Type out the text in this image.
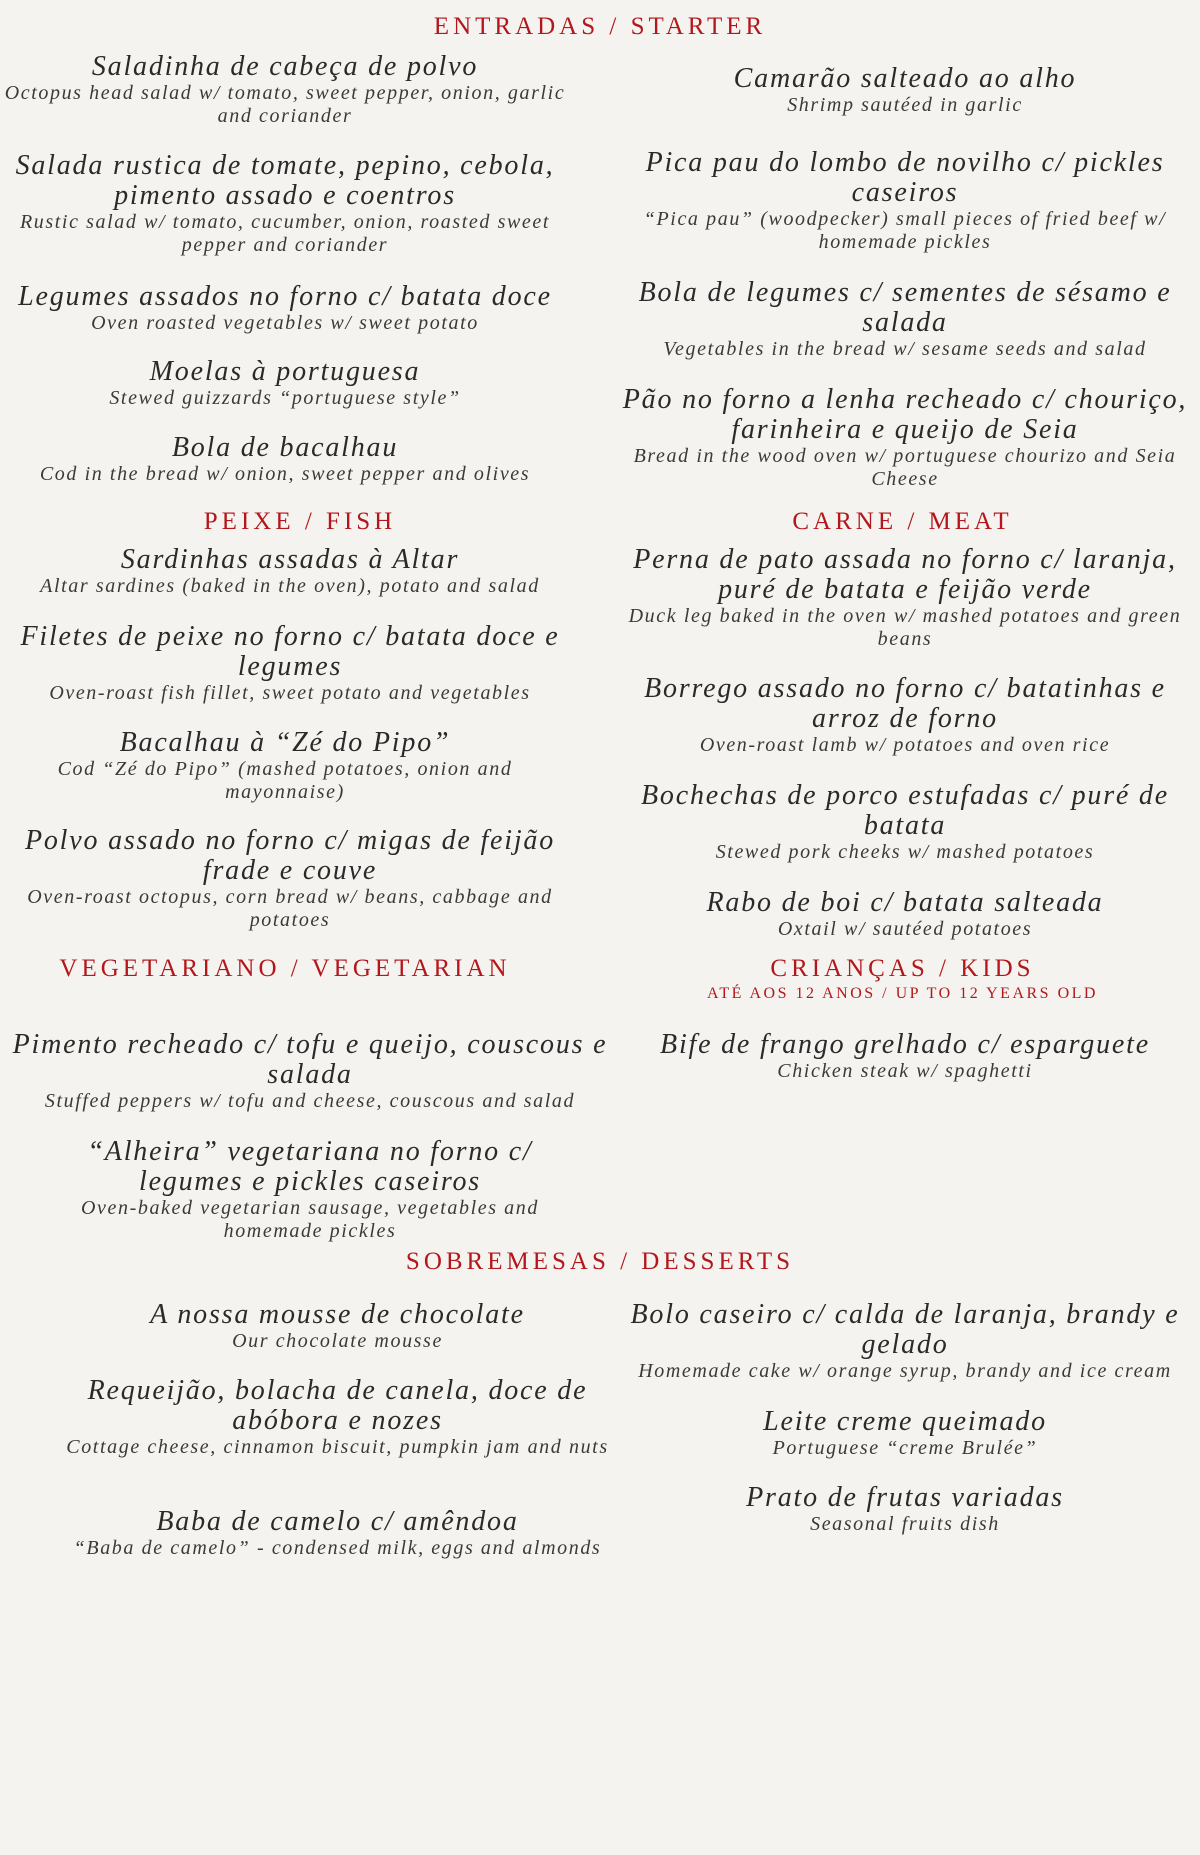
ENTRADAS / STARTER
PEIXE / FISH	CARNE / MEAT
VEGETARIANO / VEGETARIAN	CRIANÇAS / KIDS
ATÉ AOS 12 ANOS / UP TO 12 YEARS OLD
SOBREMESAS / DESSERTS
Saladinha de cabeça de polvo
Octopus head salad w/ tomato, sweet pepper, onion, garlic and coriander
Salada rustica de tomate, pepino, cebola, pimento assado e coentros
Rustic salad w/ tomato, cucumber, onion, roasted sweet pepper and coriander
Legumes assados no forno c/ batata doce
Oven roasted vegetables w/ sweet potato
Moelas à portuguesa
Stewed guizzards “portuguese style”
Bola de bacalhau
Cod in the bread w/ onion, sweet pepper and olives
Camarão salteado ao alho
Shrimp sautéed in garlic
Pica pau do lombo de novilho c/ pickles caseiros
“Pica pau” (woodpecker) small pieces of fried beef w/ homemade pickles
Bola de legumes c/ sementes de sésamo e salada
Vegetables in the bread w/ sesame seeds and salad
Pão no forno a lenha recheado c/ chouriço, farinheira e queijo de Seia
Bread in the wood oven w/ portuguese chourizo and Seia Cheese
Sardinhas assadas à Altar
Altar sardines (baked in the oven), potato and salad
Filetes de peixe no forno c/ batata doce e legumes
Oven-roast fish fillet, sweet potato and vegetables
Bacalhau à “Zé do Pipo”
Cod “Zé do Pipo” (mashed potatoes, onion and mayonnaise)
Polvo assado no forno c/ migas de feijão frade e couve
Oven-roast octopus, corn bread w/ beans, cabbage and potatoes
Perna de pato assada no forno c/ laranja, puré de batata e feijão verde
Duck leg baked in the oven w/ mashed potatoes and green beans
Borrego assado no forno c/ batatinhas e arroz de forno
Oven-roast lamb w/ potatoes and oven rice
Bochechas de porco estufadas c/ puré de batata
Stewed pork cheeks w/ mashed potatoes
Rabo de boi c/ batata salteada
Oxtail w/ sautéed potatoes
Pimento recheado c/ tofu e queijo, couscous e salada
Stuffed peppers w/ tofu and cheese, couscous and salad
“Alheira” vegetariana no forno c/ legumes e pickles caseiros
Oven-baked vegetarian sausage, vegetables and homemade pickles
Bife de frango grelhado c/ esparguete
Chicken steak w/ spaghetti
A nossa mousse de chocolate
Our chocolate mousse
Requeijão, bolacha de canela, doce de abóbora e nozes
Cottage cheese, cinnamon biscuit, pumpkin jam and nuts
Baba de camelo c/ amêndoa
“Baba de camelo” - condensed milk, eggs and almonds
Bolo caseiro c/ calda de laranja, brandy e gelado
Homemade cake w/ orange syrup, brandy and ice cream
Leite creme queimado
Portuguese “creme Brulée”
Prato de frutas variadas
Seasonal fruits dish
